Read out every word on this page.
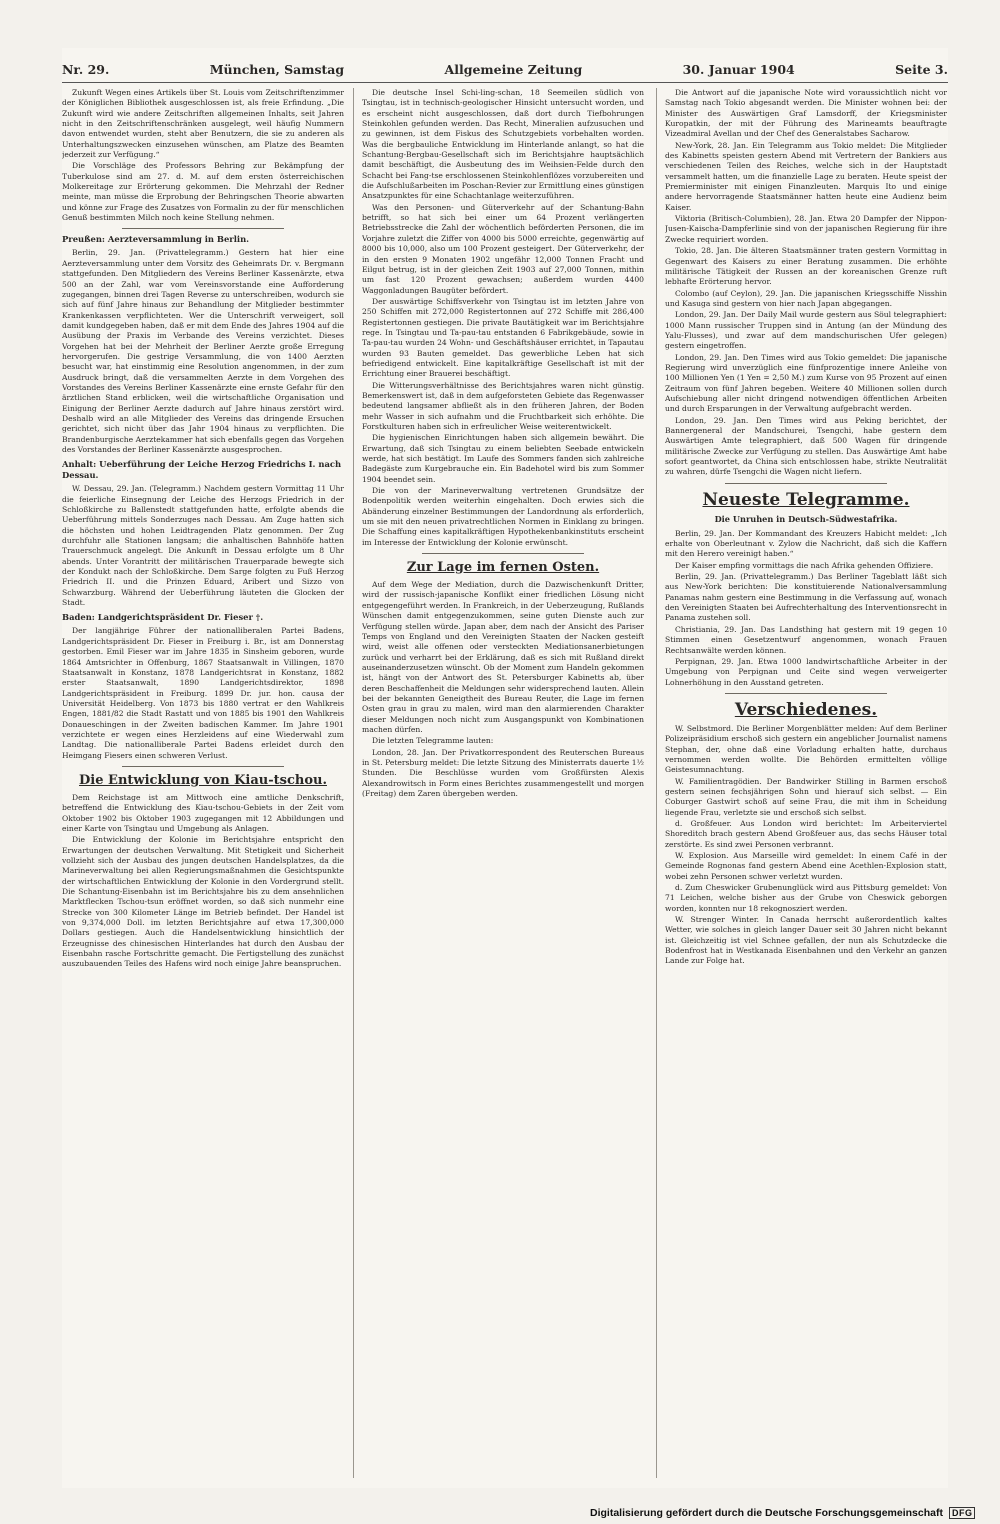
Nr. 29.	München, Samstag	Allgemeine Zeitung	30. Januar 1904	Seite 3.

Zukunft Wegen eines Artikels über St. Louis vom Zeitschriftenzimmer der Königlichen Bibliothek ausgeschlossen ist, als freie Erfindung. „Die Zukunft wird wie andere Zeitschriften allgemeinen Inhalts, seit Jahren nicht in den Zeitschriftenschränken ausgelegt, weil häufig Nummern davon entwendet wurden, steht aber Benutzern, die sie zu anderen als Unterhaltungszwecken einzusehen wünschen, am Platze des Beamten jederzeit zur Verfügung.“

Die Vorschläge des Professors Behring zur Bekämpfung der Tuberkulose sind am 27. d. M. auf dem ersten österreichischen Molkereitage zur Erörterung gekommen. Die Mehrzahl der Redner meinte, man müsse die Erprobung der Behringschen Theorie abwarten und könne zur Frage des Zusatzes von Formalin zu der für menschlichen Genuß bestimmten Milch noch keine Stellung nehmen.

Preußen: Aerzteversammlung in Berlin.

Berlin, 29. Jan. (Privattelegramm.) Gestern hat hier eine Aerzteversammlung unter dem Vorsitz des Geheimrats Dr. v. Bergmann stattgefunden. Den Mitgliedern des Vereins Berliner Kassenärzte, etwa 500 an der Zahl, war vom Vereinsvorstande eine Aufforderung zugegangen, binnen drei Tagen Reverse zu unterschreiben, wodurch sie sich auf fünf Jahre hinaus zur Behandlung der Mitglieder bestimmter Krankenkassen verpflichteten. Wer die Unterschrift verweigert, soll damit kundgegeben haben, daß er mit dem Ende des Jahres 1904 auf die Ausübung der Praxis im Verbande des Vereins verzichtet. Dieses Vorgehen hat bei der Mehrheit der Berliner Aerzte große Erregung hervorgerufen. Die gestrige Versammlung, die von 1400 Aerzten besucht war, hat einstimmig eine Resolution angenommen, in der zum Ausdruck bringt, daß die versammelten Aerzte in dem Vorgehen des Vorstandes des Vereins Berliner Kassenärzte eine ernste Gefahr für den ärztlichen Stand erblicken, weil die wirtschaftliche Organisation und Einigung der Berliner Aerzte dadurch auf Jahre hinaus zerstört wird. Deshalb wird an alle Mitglieder des Vereins das dringende Ersuchen gerichtet, sich nicht über das Jahr 1904 hinaus zu verpflichten. Die Brandenburgische Aerztekammer hat sich ebenfalls gegen das Vorgehen des Vorstandes der Berliner Kassenärzte ausgesprochen.

Anhalt: Ueberführung der Leiche Herzog Friedrichs I. nach Dessau.

W. Dessau, 29. Jan. (Telegramm.) Nachdem gestern Vormittag 11 Uhr die feierliche Einsegnung der Leiche des Herzogs Friedrich in der Schloßkirche zu Ballenstedt stattgefunden hatte, erfolgte abends die Ueberführung mittels Sonderzuges nach Dessau. Am Zuge hatten sich die höchsten und hohen Leidtragenden Platz genommen. Der Zug durchfuhr alle Stationen langsam; die anhaltischen Bahnhöfe hatten Trauerschmuck angelegt. Die Ankunft in Dessau erfolgte um 8 Uhr abends. Unter Vorantritt der militärischen Trauerparade bewegte sich der Kondukt nach der Schloßkirche. Dem Sarge folgten zu Fuß Herzog Friedrich II. und die Prinzen Eduard, Aribert und Sizzo von Schwarzburg. Während der Ueberführung läuteten die Glocken der Stadt.

Baden: Landgerichtspräsident Dr. Fieser †.

Der langjährige Führer der nationalliberalen Partei Badens, Landgerichtspräsident Dr. Fieser in Freiburg i. Br., ist am Donnerstag gestorben. Emil Fieser war im Jahre 1835 in Sinsheim geboren, wurde 1864 Amtsrichter in Offenburg, 1867 Staatsanwalt in Villingen, 1870 Staatsanwalt in Konstanz, 1878 Landgerichtsrat in Konstanz, 1882 erster Staatsanwalt, 1890 Landgerichtsdirektor, 1898 Landgerichtspräsident in Freiburg. 1899 Dr. jur. hon. causa der Universität Heidelberg. Von 1873 bis 1880 vertrat er den Wahlkreis Engen, 1881/82 die Stadt Rastatt und von 1885 bis 1901 den Wahlkreis Donaueschingen in der Zweiten badischen Kammer. Im Jahre 1901 verzichtete er wegen eines Herzleidens auf eine Wiederwahl zum Landtag. Die nationalliberale Partei Badens erleidet durch den Heimgang Fiesers einen schweren Verlust.

Die Entwicklung von Kiau-tschou.

Dem Reichstage ist am Mittwoch eine amtliche Denkschrift, betreffend die Entwicklung des Kiau-tschou-Gebiets in der Zeit vom Oktober 1902 bis Oktober 1903 zugegangen mit 12 Abbildungen und einer Karte von Tsingtau und Umgebung als Anlagen.

Die Entwicklung der Kolonie im Berichtsjahre entspricht den Erwartungen der deutschen Verwaltung. Mit Stetigkeit und Sicherheit vollzieht sich der Ausbau des jungen deutschen Handelsplatzes, da die Marineverwaltung bei allen Regierungsmaßnahmen die Gesichtspunkte der wirtschaftlichen Entwicklung der Kolonie in den Vordergrund stellt. Die Schantung-Eisenbahn ist im Berichtsjahre bis zu dem ansehnlichen Marktflecken Tschou-tsun eröffnet worden, so daß sich nunmehr eine Strecke von 300 Kilometer Länge im Betrieb befindet. Der Handel ist von 9,374,000 Doll. im letzten Berichtsjahre auf etwa 17,300,000 Dollars gestiegen. Auch die Handelsentwicklung hinsichtlich der Erzeugnisse des chinesischen Hinterlandes hat durch den Ausbau der Eisenbahn rasche Fortschritte gemacht. Die Fertigstellung des zunächst auszubauenden Teiles des Hafens wird noch einige Jahre beanspruchen.

Die deutsche Insel Schi-ling-schan, 18 Seemeilen südlich von Tsingtau, ist in technisch-geologischer Hinsicht untersucht worden, und es erscheint nicht ausgeschlossen, daß dort durch Tiefbohrungen Steinkohlen gefunden werden. Das Recht, Mineralien aufzusuchen und zu gewinnen, ist dem Fiskus des Schutzgebiets vorbehalten worden. Was die bergbauliche Entwicklung im Hinterlande anlangt, so hat die Schantung-Bergbau-Gesellschaft sich im Berichtsjahre hauptsächlich damit beschäftigt, die Ausbeutung des im Weihsien-Felde durch den Schacht bei Fang-tse erschlossenen Steinkohlenflözes vorzubereiten und die Aufschlußarbeiten im Poschan-Revier zur Ermittlung eines günstigen Ansatzpunktes für eine Schachtanlage weiterzuführen.

Was den Personen- und Güterverkehr auf der Schantung-Bahn betrifft, so hat sich bei einer um 64 Prozent verlängerten Betriebsstrecke die Zahl der wöchentlich beförderten Personen, die im Vorjahre zuletzt die Ziffer von 4000 bis 5000 erreichte, gegenwärtig auf 8000 bis 10,000, also um 100 Prozent gesteigert. Der Güterverkehr, der in den ersten 9 Monaten 1902 ungefähr 12,000 Tonnen Fracht und Eilgut betrug, ist in der gleichen Zeit 1903 auf 27,000 Tonnen, mithin um fast 120 Prozent gewachsen; außerdem wurden 4400 Waggonladungen Baugüter befördert.

Der auswärtige Schiffsverkehr von Tsingtau ist im letzten Jahre von 250 Schiffen mit 272,000 Registertonnen auf 272 Schiffe mit 286,400 Registertonnen gestiegen. Die private Bautätigkeit war im Berichtsjahre rege. In Tsingtau und Ta-pau-tau entstanden 6 Fabrikgebäude, sowie in Ta-pau-tau wurden 24 Wohn- und Geschäftshäuser errichtet, in Tapautau wurden 93 Bauten gemeldet. Das gewerbliche Leben hat sich befriedigend entwickelt. Eine kapitalkräftige Gesellschaft ist mit der Errichtung einer Brauerei beschäftigt.

Die Witterungsverhältnisse des Berichtsjahres waren nicht günstig. Bemerkenswert ist, daß in dem aufgeforsteten Gebiete das Regenwasser bedeutend langsamer abfließt als in den früheren Jahren, der Boden mehr Wasser in sich aufnahm und die Fruchtbarkeit sich erhöhte. Die Forstkulturen haben sich in erfreulicher Weise weiterentwickelt.

Die hygienischen Einrichtungen haben sich allgemein bewährt. Die Erwartung, daß sich Tsingtau zu einem beliebten Seebade entwickeln werde, hat sich bestätigt. Im Laufe des Sommers fanden sich zahlreiche Badegäste zum Kurgebrauche ein. Ein Badehotel wird bis zum Sommer 1904 beendet sein.

Die von der Marineverwaltung vertretenen Grundsätze der Bodenpolitik werden weiterhin eingehalten. Doch erwies sich die Abänderung einzelner Bestimmungen der Landordnung als erforderlich, um sie mit den neuen privatrechtlichen Normen in Einklang zu bringen. Die Schaffung eines kapitalkräftigen Hypothekenbankinstituts erscheint im Interesse der Entwicklung der Kolonie erwünscht.

Zur Lage im fernen Osten.

Auf dem Wege der Mediation, durch die Dazwischenkunft Dritter, wird der russisch-japanische Konflikt einer friedlichen Lösung nicht entgegengeführt werden. In Frankreich, in der Ueberzeugung, Rußlands Wünschen damit entgegenzukommen, seine guten Dienste auch zur Verfügung stellen würde. Japan aber, dem nach der Ansicht des Pariser Temps von England und den Vereinigten Staaten der Nacken gesteift wird, weist alle offenen oder versteckten Mediationsanerbietungen zurück und verharrt bei der Erklärung, daß es sich mit Rußland direkt auseinanderzusetzen wünscht. Ob der Moment zum Handeln gekommen ist, hängt von der Antwort des St. Petersburger Kabinetts ab, über deren Beschaffenheit die Meldungen sehr widersprechend lauten. Allein bei der bekannten Geneigtheit des Bureau Reuter, die Lage im fernen Osten grau in grau zu malen, wird man den alarmierenden Charakter dieser Meldungen noch nicht zum Ausgangspunkt von Kombinationen machen dürfen.

Die letzten Telegramme lauten:

London, 28. Jan. Der Privatkorrespondent des Reuterschen Bureaus in St. Petersburg meldet: Die letzte Sitzung des Ministerrats dauerte 1½ Stunden. Die Beschlüsse wurden vom Großfürsten Alexis Alexandrowitsch in Form eines Berichtes zusammengestellt und morgen (Freitag) dem Zaren übergeben werden.

Die Antwort auf die japanische Note wird voraussichtlich nicht vor Samstag nach Tokio abgesandt werden. Die Minister wohnen bei: der Minister des Auswärtigen Graf Lamsdorff, der Kriegsminister Kuropatkin, der mit der Führung des Marineamts beauftragte Vizeadmiral Avellan und der Chef des Generalstabes Sacharow.

New-York, 28. Jan. Ein Telegramm aus Tokio meldet: Die Mitglieder des Kabinetts speisten gestern Abend mit Vertretern der Bankiers aus verschiedenen Teilen des Reiches, welche sich in der Hauptstadt versammelt hatten, um die finanzielle Lage zu beraten. Heute speist der Premierminister mit einigen Finanzleuten. Marquis Ito und einige andere hervorragende Staatsmänner hatten heute eine Audienz beim Kaiser.

Viktoria (Britisch-Columbien), 28. Jan. Etwa 20 Dampfer der Nippon-Jusen-Kaischa-Dampferlinie sind von der japanischen Regierung für ihre Zwecke requiriert worden.

Tokio, 28. Jan. Die älteren Staatsmänner traten gestern Vormittag in Gegenwart des Kaisers zu einer Beratung zusammen. Die erhöhte militärische Tätigkeit der Russen an der koreanischen Grenze ruft lebhafte Erörterung hervor.

Colombo (auf Ceylon), 29. Jan. Die japanischen Kriegsschiffe Nisshin und Kasuga sind gestern von hier nach Japan abgegangen.

London, 29. Jan. Der Daily Mail wurde gestern aus Söul telegraphiert: 1000 Mann russischer Truppen sind in Antung (an der Mündung des Yalu-Flusses), und zwar auf dem mandschurischen Ufer gelegen) gestern eingetroffen.

London, 29. Jan. Den Times wird aus Tokio gemeldet: Die japanische Regierung wird unverzüglich eine fünfprozentige innere Anleihe von 100 Millionen Yen (1 Yen = 2,50 M.) zum Kurse von 95 Prozent auf einen Zeitraum von fünf Jahren begeben. Weitere 40 Millionen sollen durch Aufschiebung aller nicht dringend notwendigen öffentlichen Arbeiten und durch Ersparungen in der Verwaltung aufgebracht werden.

London, 29. Jan. Den Times wird aus Peking berichtet, der Bannergeneral der Mandschurei, Tsengchi, habe gestern dem Auswärtigen Amte telegraphiert, daß 500 Wagen für dringende militärische Zwecke zur Verfügung zu stellen. Das Auswärtige Amt habe sofort geantwortet, da China sich entschlossen habe, strikte Neutralität zu wahren, dürfe Tsengchi die Wagen nicht liefern.

Neueste Telegramme.
Die Unruhen in Deutsch-Südwestafrika.

Berlin, 29. Jan. Der Kommandant des Kreuzers Habicht meldet: „Ich erhalte von Oberleutnant v. Zylow die Nachricht, daß sich die Kaffern mit den Herero vereinigt haben.“

Der Kaiser empfing vormittags die nach Afrika gehenden Offiziere.

Berlin, 29. Jan. (Privattelegramm.) Das Berliner Tageblatt läßt sich aus New-York berichten: Die konstituierende Nationalversammlung Panamas nahm gestern eine Bestimmung in die Verfassung auf, wonach den Vereinigten Staaten bei Aufrechterhaltung des Interventionsrecht in Panama zustehen soll.

Christiania, 29. Jan. Das Landsthing hat gestern mit 19 gegen 10 Stimmen einen Gesetzentwurf angenommen, wonach Frauen Rechtsanwälte werden können.

Perpignan, 29. Jan. Etwa 1000 landwirtschaftliche Arbeiter in der Umgebung von Perpignan und Ceite sind wegen verweigerter Lohnerhöhung in den Ausstand getreten.

Verschiedenes.

W. Selbstmord. Die Berliner Morgenblätter melden: Auf dem Berliner Polizeipräsidium erschoß sich gestern ein angeblicher Journalist namens Stephan, der, ohne daß eine Vorladung erhalten hatte, durchaus vernommen werden wollte. Die Behörden ermittelten völlige Geistesumnachtung.

W. Familientragödien. Der Bandwirker Stilling in Barmen erschoß gestern seinen fechsjährigen Sohn und hierauf sich selbst. — Ein Coburger Gastwirt schoß auf seine Frau, die mit ihm in Scheidung liegende Frau, verletzte sie und erschoß sich selbst.

d. Großfeuer. Aus London wird berichtet: Im Arbeiterviertel Shoreditch brach gestern Abend Großfeuer aus, das sechs Häuser total zerstörte. Es sind zwei Personen verbrannt.

W. Explosion. Aus Marseille wird gemeldet: In einem Café in der Gemeinde Rognonas fand gestern Abend eine Acethlen-Explosion statt, wobei zehn Personen schwer verletzt wurden.

d. Zum Cheswicker Grubenunglück wird aus Pittsburg gemeldet: Von 71 Leichen, welche bisher aus der Grube von Cheswick geborgen worden, konnten nur 18 rekognosziert werden.

W. Strenger Winter. In Canada herrscht außerordentlich kaltes Wetter, wie solches in gleich langer Dauer seit 30 Jahren nicht bekannt ist. Gleichzeitig ist viel Schnee gefallen, der nun als Schutzdecke die Bodenfrost hat in Westkanada Eisenbahnen und den Verkehr an ganzen Lande zur Folge hat.

Digitalisierung gefördert durch die Deutsche Forschungsgemeinschaft	DFG
